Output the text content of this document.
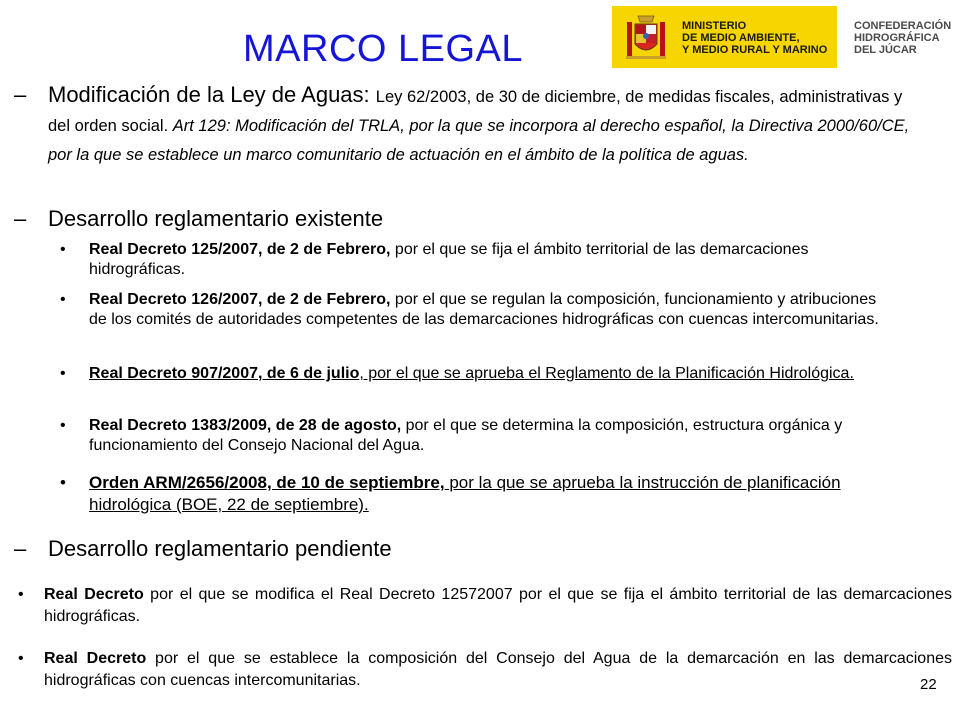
MARCO LEGAL
MINISTERIO
DE MEDIO AMBIENTE,
Y MEDIO RURAL Y MARINO
CONFEDERACIÓN
HIDROGRÁFICA
DEL JÚCAR
– Modificación de la Ley de Aguas: Ley 62/2003, de 30 de diciembre, de medidas fiscales, administrativas y del orden social. Art 129: Modificación del TRLA, por la que se incorpora al derecho español, la Directiva 2000/60/CE, por la que se establece un marco comunitario de actuación en el ámbito de la política de aguas.
– Desarrollo reglamentario existente
• Real Decreto 125/2007, de 2 de Febrero, por el que se fija el ámbito territorial de las demarcaciones hidrográficas.
• Real Decreto 126/2007, de 2 de Febrero, por el que se regulan la composición, funcionamiento y atribuciones de los comités de autoridades competentes de las demarcaciones hidrográficas con cuencas intercomunitarias.
• Real Decreto 907/2007, de 6 de julio, por el que se aprueba el Reglamento de la Planificación Hidrológica.
• Real Decreto 1383/2009, de 28 de agosto, por el que se determina la composición, estructura orgánica y funcionamiento del Consejo Nacional del Agua.
• Orden ARM/2656/2008, de 10 de septiembre, por la que se aprueba la instrucción de planificación hidrológica (BOE, 22 de septiembre).
– Desarrollo reglamentario pendiente
• Real Decreto por el que se modifica el Real Decreto 12572007 por el que se fija el ámbito territorial de las demarcaciones hidrográficas.
• Real Decreto por el que se establece la composición del Consejo del Agua de la demarcación en las demarcaciones hidrográficas con cuencas intercomunitarias.	22
